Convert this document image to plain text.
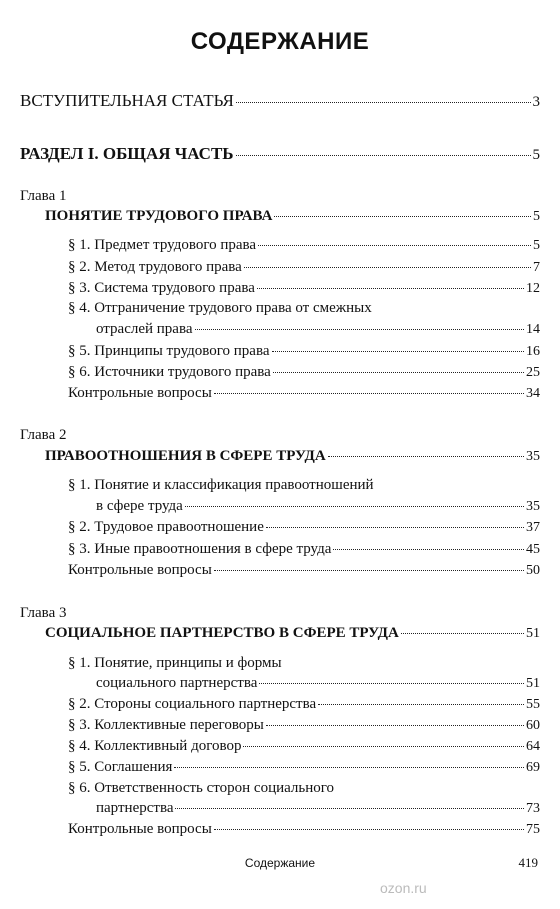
СОДЕРЖАНИЕ
ВСТУПИТЕЛЬНАЯ СТАТЬЯ	3
РАЗДЕЛ I. ОБЩАЯ ЧАСТЬ	5
Глава 1
ПОНЯТИЕ ТРУДОВОГО ПРАВА	5
§ 1. Предмет трудового права	5
§ 2. Метод трудового права	7
§ 3. Система трудового права	12
§ 4. Отграничение трудового права от смежных
отраслей права	14
§ 5. Принципы трудового права	16
§ 6. Источники трудового права	25
Контрольные вопросы	34
Глава 2
ПРАВООТНОШЕНИЯ В СФЕРЕ ТРУДА	35
§ 1. Понятие и классификация правоотношений
в сфере труда	35
§ 2. Трудовое правоотношение	37
§ 3. Иные правоотношения в сфере труда	45
Контрольные вопросы	50
Глава 3
СОЦИАЛЬНОЕ ПАРТНЕРСТВО В СФЕРЕ ТРУДА	51
§ 1. Понятие, принципы и формы
социального партнерства	51
§ 2. Стороны социального партнерства	55
§ 3. Коллективные переговоры	60
§ 4. Коллективный договор	64
§ 5. Соглашения	69
§ 6. Ответственность сторон социального
партнерства	73
Контрольные вопросы	75
Содержание	419
ozon.ru
